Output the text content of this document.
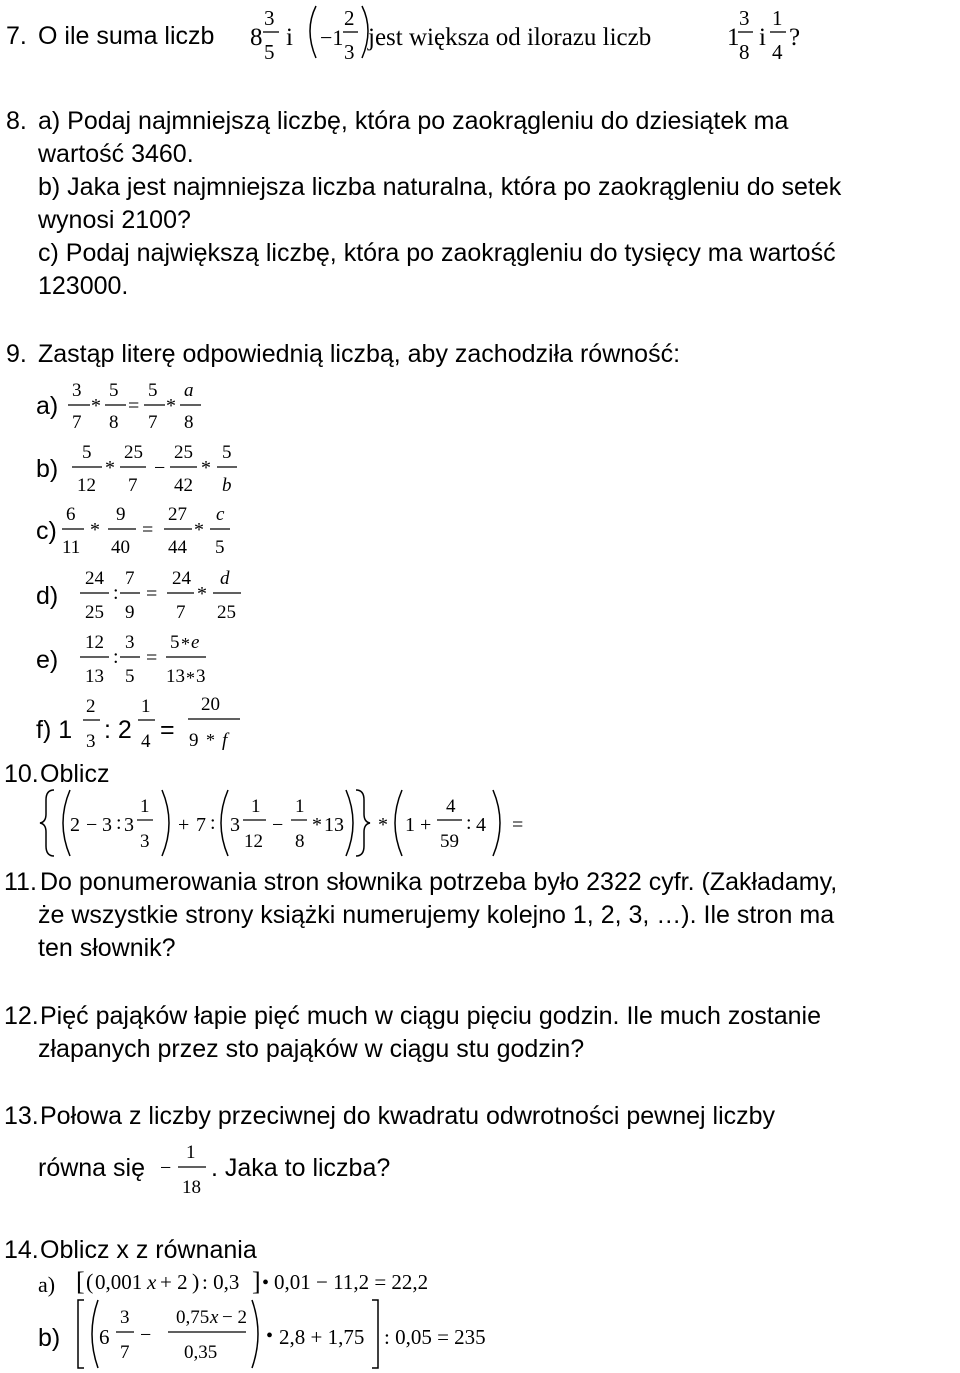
7. O ile suma liczb 8
3
5
i −1
2
3
jest większa od ilorazu liczb	1
3
8
i
1
4
?
8. a) Podaj najmniejszą liczbę, która po zaokrągleniu do dziesiątek ma
wartość 3460.
b) Jaka jest najmniejsza liczba naturalna, która po zaokrągleniu do setek
wynosi 2100?
c) Podaj największą liczbę, która po zaokrągleniu do tysięcy ma wartość
123000.
9. Zastąp literę odpowiednią liczbą, aby zachodziła równość:
a)
3
7
*
5
8
=
5
7
*
a
8
b)
5
12
*
25
7
−
25
42
*
5
b
c)
6
11
*
9
40
=
27
44
*
c
5
d)
24
25
:
7
9
=
24
7
*
d
25
e)
12
13
:
3
5
=
5 * e
13 * 3
f) 1 : 2 =
2
3
1
4
20
9 * f
10. Oblicz
2 − 3 : 3
1
3
+ 7 : 3
1
12
−
1
8
* 13 * 1 +
4
59
: 4 =
11. Do ponumerowania stron słownika potrzeba było 2322 cyfr. (Zakładamy,
że wszystkie strony książki numerujemy kolejno 1, 2, 3, …). Ile stron ma
ten słownik?
12. Pięć pająków łapie pięć much w ciągu pięciu godzin. Ile much zostanie
złapanych przez sto pająków w ciągu stu godzin?
13. Połowa z liczby przeciwnej do kwadratu odwrotności pewnej liczby
równa się −
1
18
. Jaka to liczba?
14. Oblicz x z równania
a) [ ( 0,001 x + 2 ) : 0,3 ] • 0,01 − 11,2 = 22,2
b) 6
3
7
−
0,75 x − 2
0,35
• 2,8 + 1,75 : 0,05 = 235
